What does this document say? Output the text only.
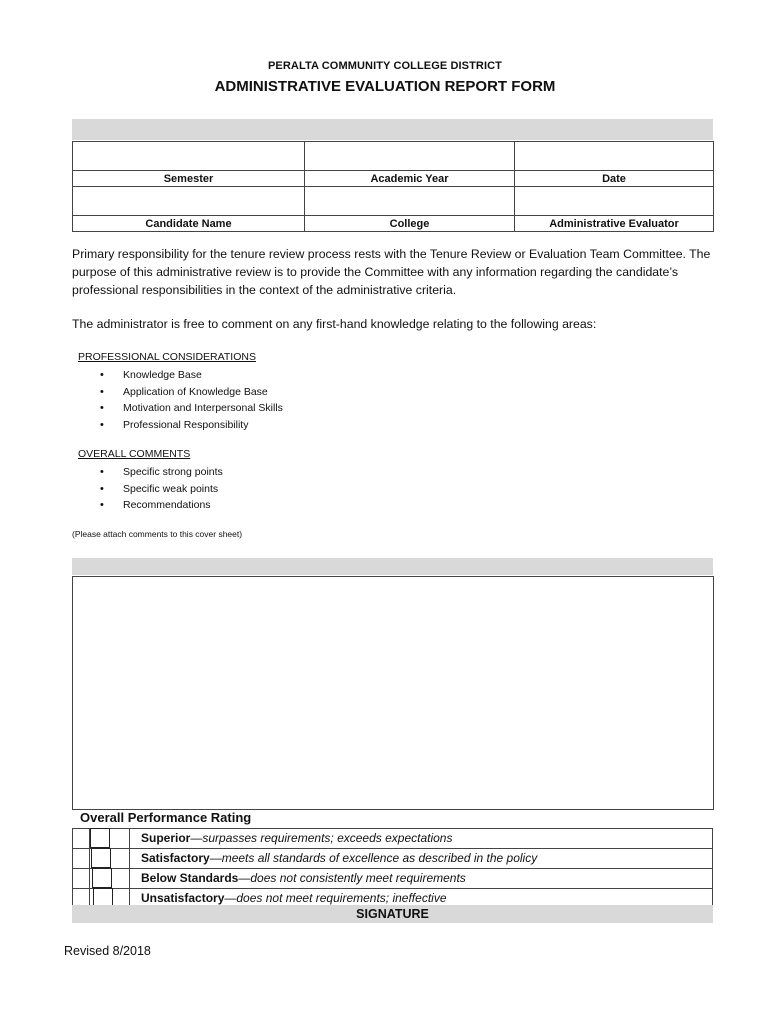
PERALTA COMMUNITY COLLEGE DISTRICT
ADMINISTRATIVE EVALUATION REPORT FORM

Semester	Academic Year	Date

Candidate Name	College	Administrative Evaluator
Primary responsibility for the tenure review process rests with the Tenure Review or Evaluation Team Committee. The purpose of this administrative review is to provide the Committee with any information regarding the candidate’s professional responsibilities in the context of the administrative criteria.
The administrator is free to comment on any first-hand knowledge relating to the following areas:
PROFESSIONAL CONSIDERATIONS
• Knowledge Base
• Application of Knowledge Base
• Motivation and Interpersonal Skills
• Professional Responsibility
OVERALL COMMENTS
• Specific strong points
• Specific weak points
• Recommendations
(Please attach comments to this cover sheet)
Overall Performance Rating
Superior—surpasses requirements; exceeds expectations
Satisfactory—meets all standards of excellence as described in the policy
Below Standards—does not consistently meet requirements
Unsatisfactory—does not meet requirements; ineffective
SIGNATURE
Revised 8/2018
